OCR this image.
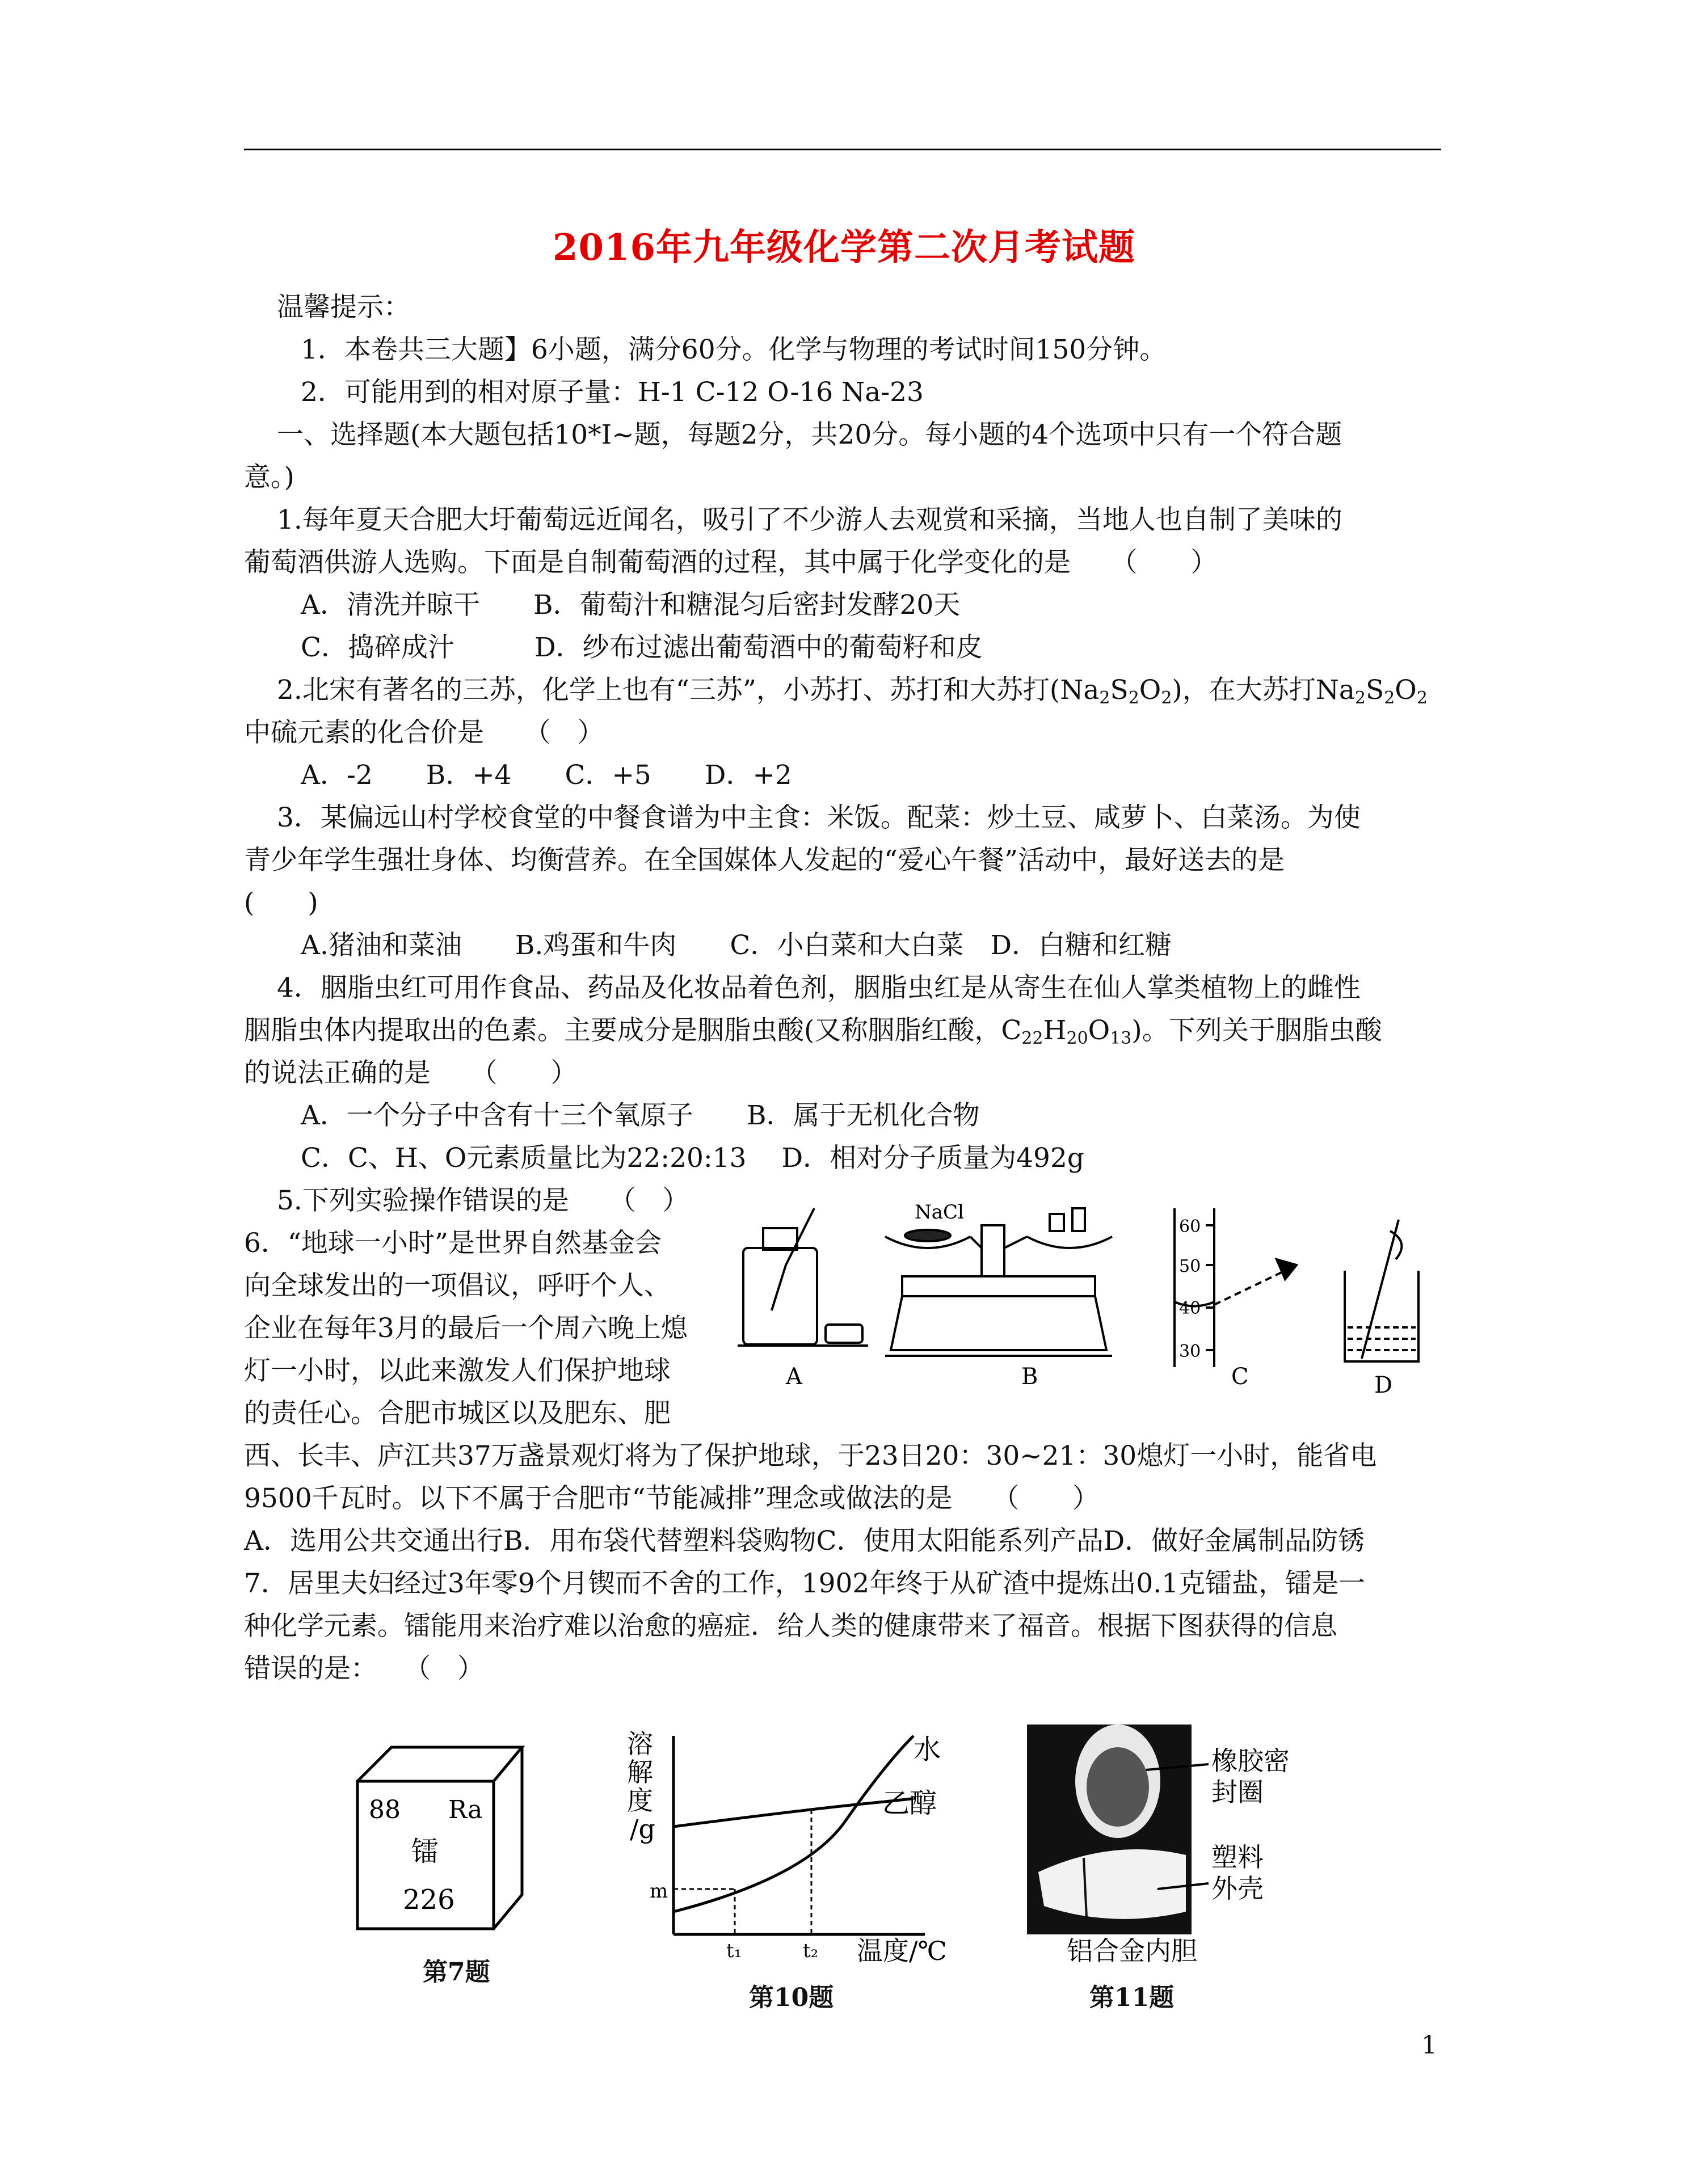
2016年九年级化学第二次月考试题
温馨提示：
1．本卷共三大题】6小题，满分60分。化学与物理的考试时间150分钟。
2．可能用到的相对原子量：H-1 C-12 O-16 Na-23
一、选择题(本大题包括10*I~题，每题2分，共20分。每小题的4个选项中只有一个符合题
意。)
1.每年夏天合肥大圩葡萄远近闻名，吸引了不少游人去观赏和采摘，当地人也自制了美味的
葡萄酒供游人选购。下面是自制葡萄酒的过程，其中属于化学变化的是　　（　　）
A．清洗并晾干　　B．葡萄汁和糖混匀后密封发酵20天
C．捣碎成汁　　　D．纱布过滤出葡萄酒中的葡萄籽和皮
2.北宋有著名的三苏，化学上也有“三苏”，小苏打、苏打和大苏打$(Na_2S_2O_2)$，在大苏打$Na_2S_2O_2$
中硫元素的化合价是　　（　）
A．-2　　B．+4　　C．+5　　D．+2
3．某偏远山村学校食堂的中餐食谱为中主食：米饭。配菜：炒土豆、咸萝卜、白菜汤。为使
青少年学生强壮身体、均衡营养。在全国媒体人发起的“爱心午餐”活动中，最好送去的是
(　　)
A.猪油和菜油　　B.鸡蛋和牛肉　　C．小白菜和大白菜　D．白糖和红糖
4．胭脂虫红可用作食品、药品及化妆品着色剂，胭脂虫红是从寄生在仙人掌类植物上的雌性
胭脂虫体内提取出的色素。主要成分是胭脂虫酸(又称胭脂红酸，$C_{22}H_{20}O_{13}$)。下列关于胭脂虫酸
的说法正确的是　　（　　）
A．一个分子中含有十三个氧原子　　B．属于无机化合物
C．C、H、O元素质量比为22:20:13　 D．相对分子质量为492g
5.下列实验操作错误的是　　（　）
6．“地球一小时”是世界自然基金会
向全球发出的一项倡议，呼吁个人、
企业在每年3月的最后一个周六晚上熄
灯一小时，以此来激发人们保护地球
的责任心。合肥市城区以及肥东、肥
西、长丰、庐江共37万盏景观灯将为了保护地球，于23日20：30~21：30熄灯一小时，能省电
9500千瓦时。以下不属于合肥市“节能减排”理念或做法的是　　（　　）
A．选用公共交通出行B．用布袋代替塑料袋购物C．使用太阳能系列产品D．做好金属制品防锈
7．居里夫妇经过3年零9个月锲而不舍的工作，1902年终于从矿渣中提炼出0.1克镭盐，镭是一
种化学元素。镭能用来治疗难以治愈的癌症．给人类的健康带来了福音。根据下图获得的信息
错误的是：　　（　）
A
NaCl
B
60
50
40
30
C	D
88 Ra
镭
226
第7题
溶
解
度
/g
m
t₁	t₂ 温度/℃
水
乙醇
第10题
橡胶密
封圈
塑料
外壳
铝合金内胆
第11题
1
